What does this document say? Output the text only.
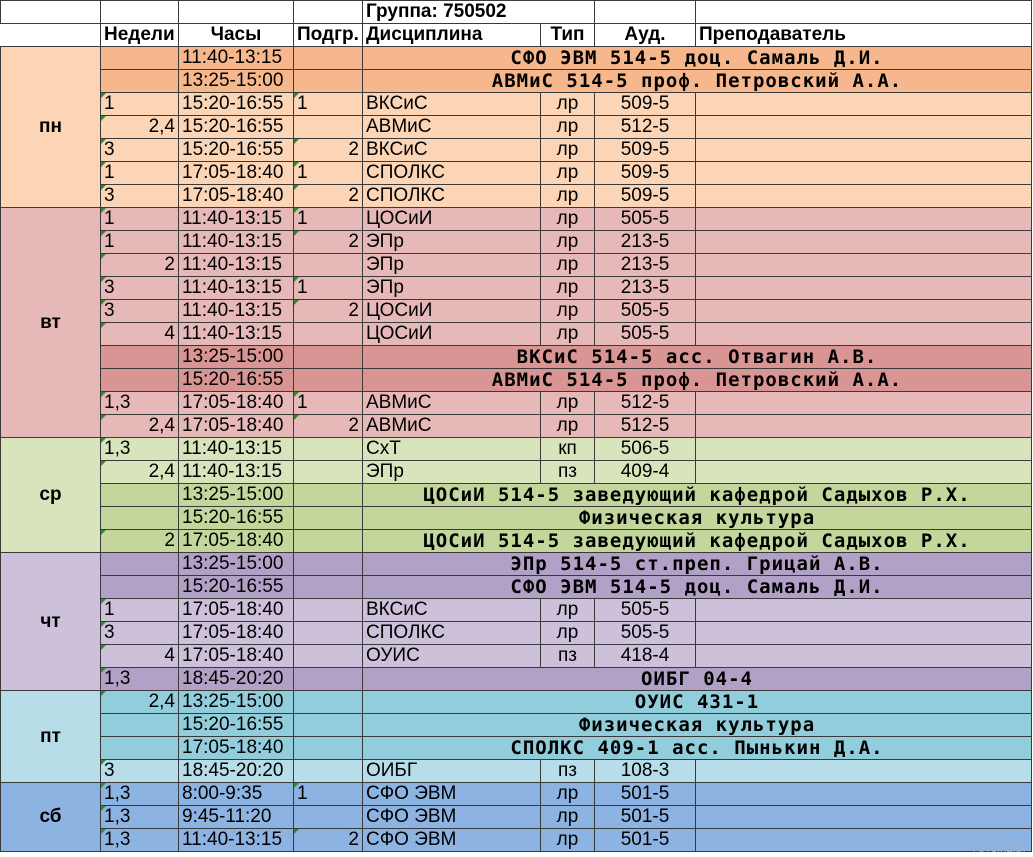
				Группа: 750502			
	Недели	Часы	Подгр.	Дисциплина	Тип	Ауд.	Преподаватель
пн		11:40-13:15		СФО ЭВМ 514-5 доц. Самаль Д.И.			
		13:25-15:00		АВМиС 514-5 проф. Петровский А.А.			
	1	15:20-16:55	1	ВКСиС	лр	509-5	
	2,4	15:20-16:55		АВМиС	лр	512-5	
	3	15:20-16:55	2	ВКСиС	лр	509-5	
	1	17:05-18:40	1	СПОЛКС	лр	509-5	
	3	17:05-18:40	2	СПОЛКС	лр	509-5	
вт	1	11:40-13:15	1	ЦОСиИ	лр	505-5	
	1	11:40-13:15	2	ЭПр	лр	213-5	
	2	11:40-13:15		ЭПр	лр	213-5	
	3	11:40-13:15	1	ЭПр	лр	213-5	
	3	11:40-13:15	2	ЦОСиИ	лр	505-5	
	4	11:40-13:15		ЦОСиИ	лр	505-5	
		13:25-15:00		ВКСиС 514-5 асс. Отвагин А.В.			
		15:20-16:55		АВМиС 514-5 проф. Петровский А.А.			
	1,3	17:05-18:40	1	АВМиС	лр	512-5	
	2,4	17:05-18:40	2	АВМиС	лр	512-5	
ср	1,3	11:40-13:15		СхТ	кп	506-5	
	2,4	11:40-13:15		ЭПр	пз	409-4	
		13:25-15:00		ЦОСиИ 514-5 заведующий кафедрой Садыхов Р.Х.			
		15:20-16:55		Физическая культура			
	2	17:05-18:40		ЦОСиИ 514-5 заведующий кафедрой Садыхов Р.Х.			
чт		13:25-15:00		ЭПр 514-5 ст.преп. Грицай А.В.			
		15:20-16:55		СФО ЭВМ 514-5 доц. Самаль Д.И.			
	1	17:05-18:40		ВКСиС	лр	505-5	
	3	17:05-18:40		СПОЛКС	лр	505-5	
	4	17:05-18:40		ОУИС	пз	418-4	
	1,3	18:45-20:20		ОИБГ 04-4			
пт	2,4	13:25-15:00		ОУИС 431-1			
		15:20-16:55		Физическая культура			
		17:05-18:40		СПОЛКС 409-1 асс. Пынькин Д.А.			
	3	18:45-20:20		ОИБГ	пз	108-3	
сб	1,3	8:00-9:35	1	СФО ЭВМ	лр	501-5	
	1,3	9:45-11:20		СФО ЭВМ	лр	501-5	
	1,3	11:40-13:15	2	СФО ЭВМ	лр	501-5		FOTO.HZ.BY
